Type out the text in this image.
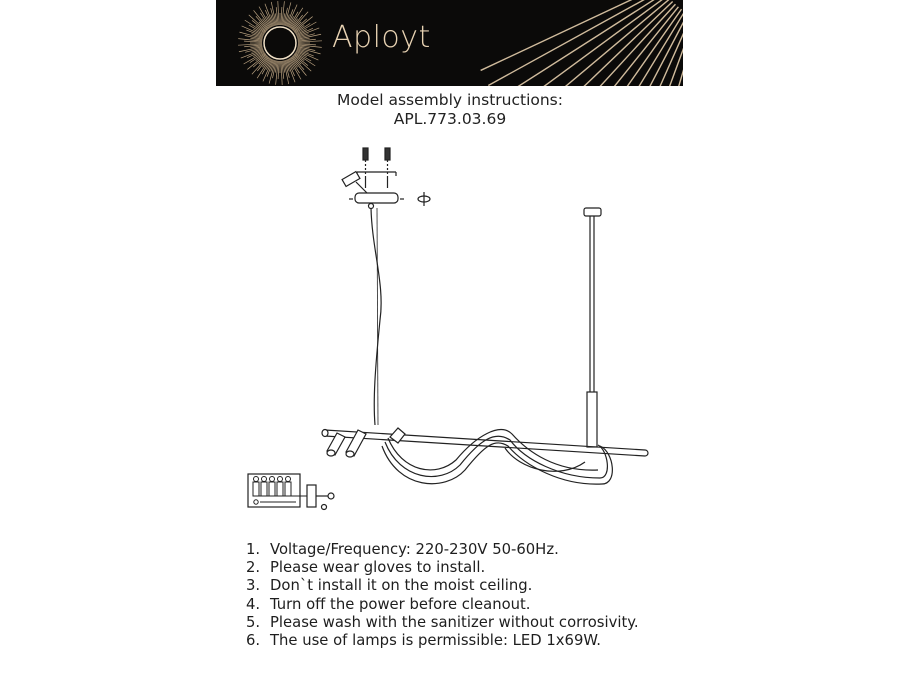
Aployt
Model assembly instructions:
APL.773.03.69
1. Voltage/Frequency: 220-230V 50-60Hz.
2. Please wear gloves to install.
3. Don`t install it on the moist ceiling.
4. Turn off the power before cleanout.
5. Please wash with the sanitizer without corrosivity.
6. The use of lamps is permissible: LED 1x69W.
